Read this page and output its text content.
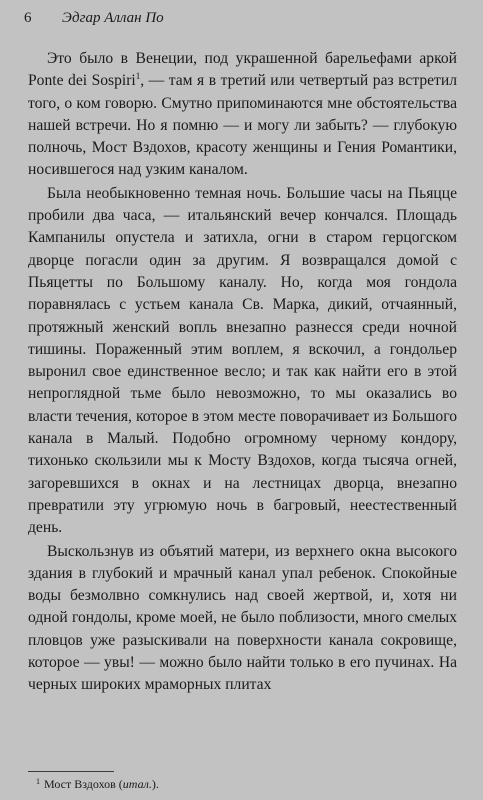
6	Эдгар Аллан По

Это было в Венеции, под украшенной барельефами аркой Ponte dei Sospiri$^1$, — там я в третий или четвертый раз встретил того, о ком говорю. Смутно припоминаются мне обстоятельства нашей встречи. Но я помню — и могу ли забыть? — глубокую полночь, Мост Вздохов, красоту женщины и Гения Романтики, носившегося над узким каналом.

Была необыкновенно темная ночь. Большие часы на Пьяцце пробили два часа, — итальянский вечер кончался. Площадь Кампанилы опустела и затихла, огни в старом герцогском дворце погасли один за другим. Я возвращался домой с Пьяцетты по Большому каналу. Но, когда моя гондола поравнялась с устьем канала Св. Марка, дикий, отчаянный, протяжный женский вопль внезапно разнесся среди ночной тишины. Пораженный этим воплем, я вскочил, а гондольер выронил свое единственное весло; и так как найти его в этой непроглядной тьме было невозможно, то мы оказались во власти течения, которое в этом месте поворачивает из Большого канала в Малый. Подобно огромному черному кондору, тихонько скользили мы к Мосту Вздохов, когда тысяча огней, загоревшихся в окнах и на лестницах дворца, внезапно превратили эту угрюмую ночь в багровый, неестественный день.

Выскользнув из объятий матери, из верхнего окна высокого здания в глубокий и мрачный канал упал ребенок. Спокойные воды безмолвно сомкнулись над своей жертвой, и, хотя ни одной гондолы, кроме моей, не было поблизости, много смелых пловцов уже разыскивали на поверхности канала сокровище, которое — увы! — можно было найти только в его пучинах. На черных широких мраморных плитах

$^1$ Мост Вздохов (итал.).
